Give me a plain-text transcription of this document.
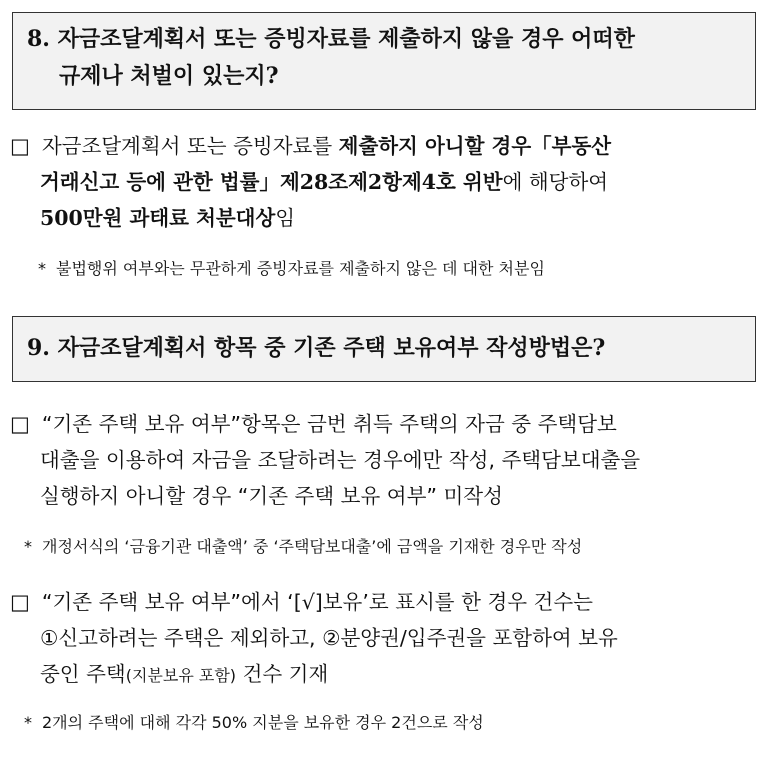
8. 자금조달계획서 또는 증빙자료를 제출하지 않을 경우 어떠한
규제나 처벌이 있는지?
□ 자금조달계획서 또는 증빙자료를 제출하지 아니할 경우「부동산
거래신고 등에 관한 법률」제28조제2항제4호 위반에 해당하여
500만원 과태료 처분대상임
* 불법행위 여부와는 무관하게 증빙자료를 제출하지 않은 데 대한 처분임
9. 자금조달계획서 항목 중 기존 주택 보유여부 작성방법은?
□ “기존 주택 보유 여부”항목은 금번 취득 주택의 자금 중 주택담보
대출을 이용하여 자금을 조달하려는 경우에만 작성, 주택담보대출을
실행하지 아니할 경우 “기존 주택 보유 여부” 미작성
* 개정서식의 ‘금융기관 대출액’ 중 ‘주택담보대출’에 금액을 기재한 경우만 작성
□ “기존 주택 보유 여부”에서 ‘[√]보유’로 표시를 한 경우 건수는
①신고하려는 주택은 제외하고, ②분양권/입주권을 포함하여 보유
중인 주택(지분보유 포함) 건수 기재
* 2개의 주택에 대해 각각 50% 지분을 보유한 경우 2건으로 작성
